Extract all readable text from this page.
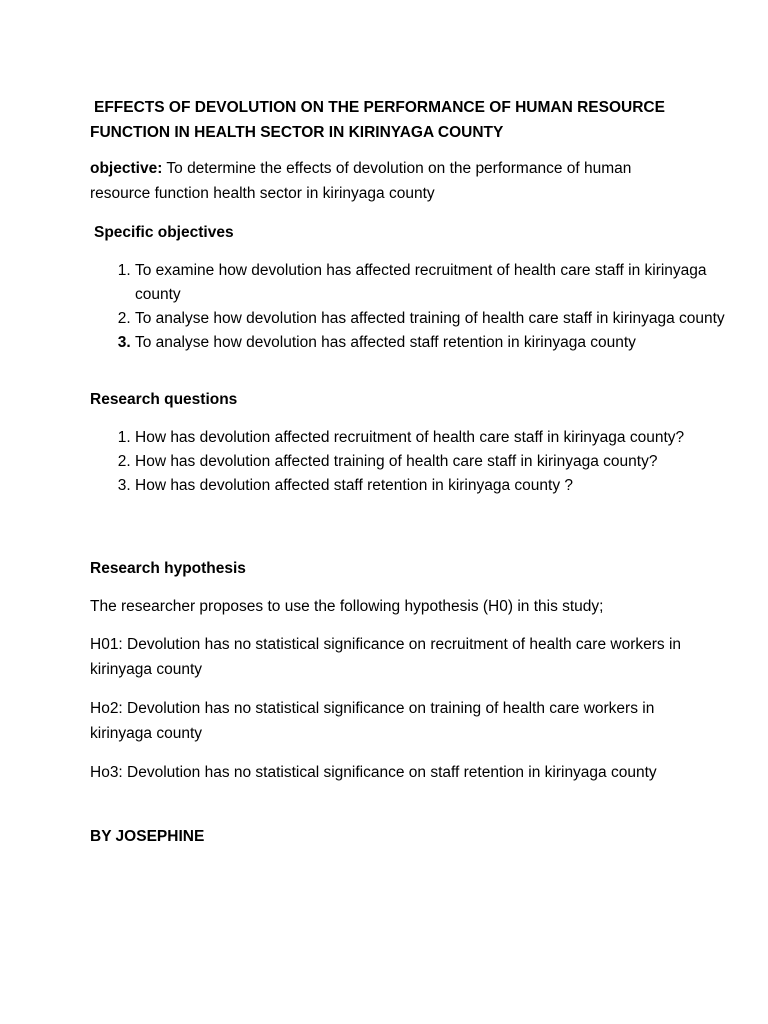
EFFECTS OF DEVOLUTION ON THE PERFORMANCE OF HUMAN RESOURCE
FUNCTION IN HEALTH SECTOR IN KIRINYAGA COUNTY
objective: To determine the effects of devolution on the performance of human resource function health sector in kirinyaga county
Specific objectives
1. To examine how devolution has affected recruitment of health care staff in kirinyaga county
2. To analyse how devolution has affected training of health care staff in kirinyaga county
3. To analyse how devolution has affected staff retention in kirinyaga county
Research questions
1. How has devolution affected recruitment of health care staff in kirinyaga county?
2. How has devolution affected training of health care staff in kirinyaga county?
3. How has devolution affected staff retention in kirinyaga county ?
Research hypothesis
The researcher proposes to use the following hypothesis (H0) in this study;
H01: Devolution has no statistical significance on recruitment of health care workers in kirinyaga county
Ho2: Devolution has no statistical significance on training of health care workers in kirinyaga county
Ho3: Devolution has no statistical significance on staff retention in kirinyaga county
BY JOSEPHINE
